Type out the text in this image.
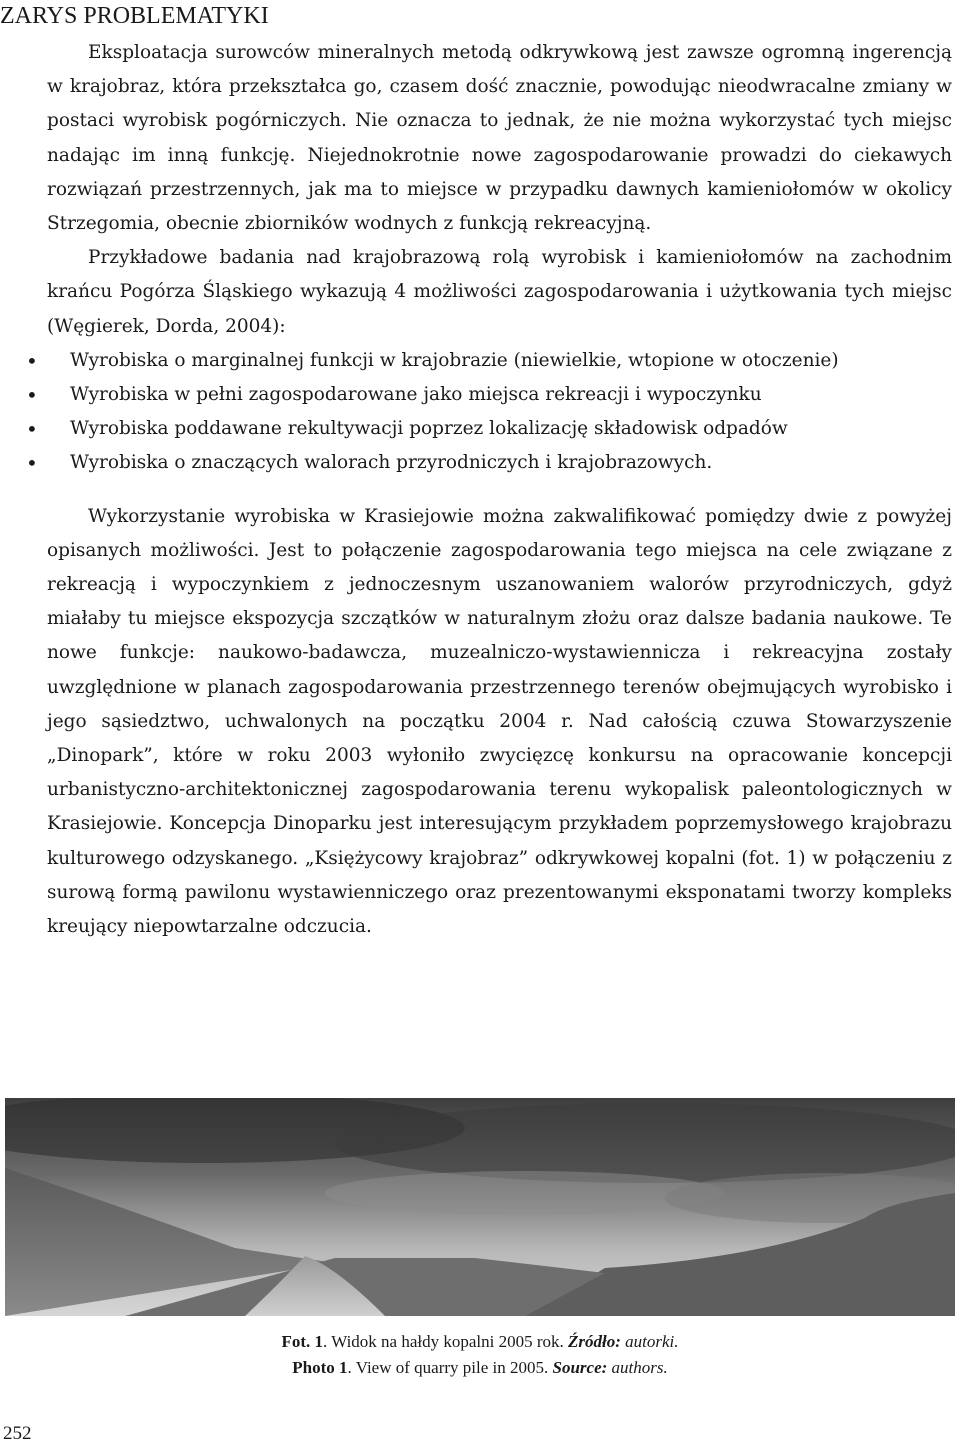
ZARYS PROBLEMATYKI

Eksploatacja surowców mineralnych metodą odkrywkową jest zawsze ogromną ingerencją w krajobraz, która przekształca go, czasem dość znacznie, powodując nieodwracalne zmiany w postaci wyrobisk pogórniczych. Nie oznacza to jednak, że nie można wykorzystać tych miejsc nadając im inną funkcję. Niejednokrotnie nowe zagospodarowanie prowadzi do ciekawych rozwiązań przestrzennych, jak ma to miejsce w przypadku dawnych kamieniołomów w okolicy Strzegomia, obecnie zbiorników wodnych z funkcją rekreacyjną.

Przykładowe badania nad krajobrazową rolą wyrobisk i kamieniołomów na zachodnim krańcu Pogórza Śląskiego wykazują 4 możliwości zagospodarowania i użytkowania tych miejsc (Węgierek, Dorda, 2004):

• Wyrobiska o marginalnej funkcji w krajobrazie (niewielkie, wtopione w otoczenie)
• Wyrobiska w pełni zagospodarowane jako miejsca rekreacji i wypoczynku
• Wyrobiska poddawane rekultywacji poprzez lokalizację składowisk odpadów
• Wyrobiska o znaczących walorach przyrodniczych i krajobrazowych.

Wykorzystanie wyrobiska w Krasiejowie można zakwalifikować pomiędzy dwie z powyżej opisanych możliwości. Jest to połączenie zagospodarowania tego miejsca na cele związane z rekreacją i wypoczynkiem z jednoczesnym uszanowaniem walorów przyrodniczych, gdyż miałaby tu miejsce ekspozycja szczątków w naturalnym złożu oraz dalsze badania naukowe. Te nowe funkcje: naukowo-badawcza, muzealniczo-wystawiennicza i rekreacyjna zostały uwzględnione w planach zagospodarowania przestrzennego terenów obejmujących wyrobisko i jego sąsiedztwo, uchwalonych na początku 2004 r. Nad całością czuwa Stowarzyszenie „Dinopark”, które w roku 2003 wyłoniło zwycięzcę konkursu na opracowanie koncepcji urbanistyczno-architektonicznej zagospodarowania terenu wykopalisk paleontologicznych w Krasiejowie. Koncepcja Dinoparku jest interesującym przykładem poprzemysłowego krajobrazu kulturowego odzyskanego. „Księżycowy krajobraz” odkrywkowej kopalni (fot. 1) w połączeniu z surową formą pawilonu wystawienniczego oraz prezentowanymi eksponatami tworzy kompleks kreujący niepowtarzalne odczucia.

Fot. 1. Widok na hałdy kopalni 2005 rok. Źródło: autorki.
Photo 1. View of quarry pile in 2005. Source: authors.
252
